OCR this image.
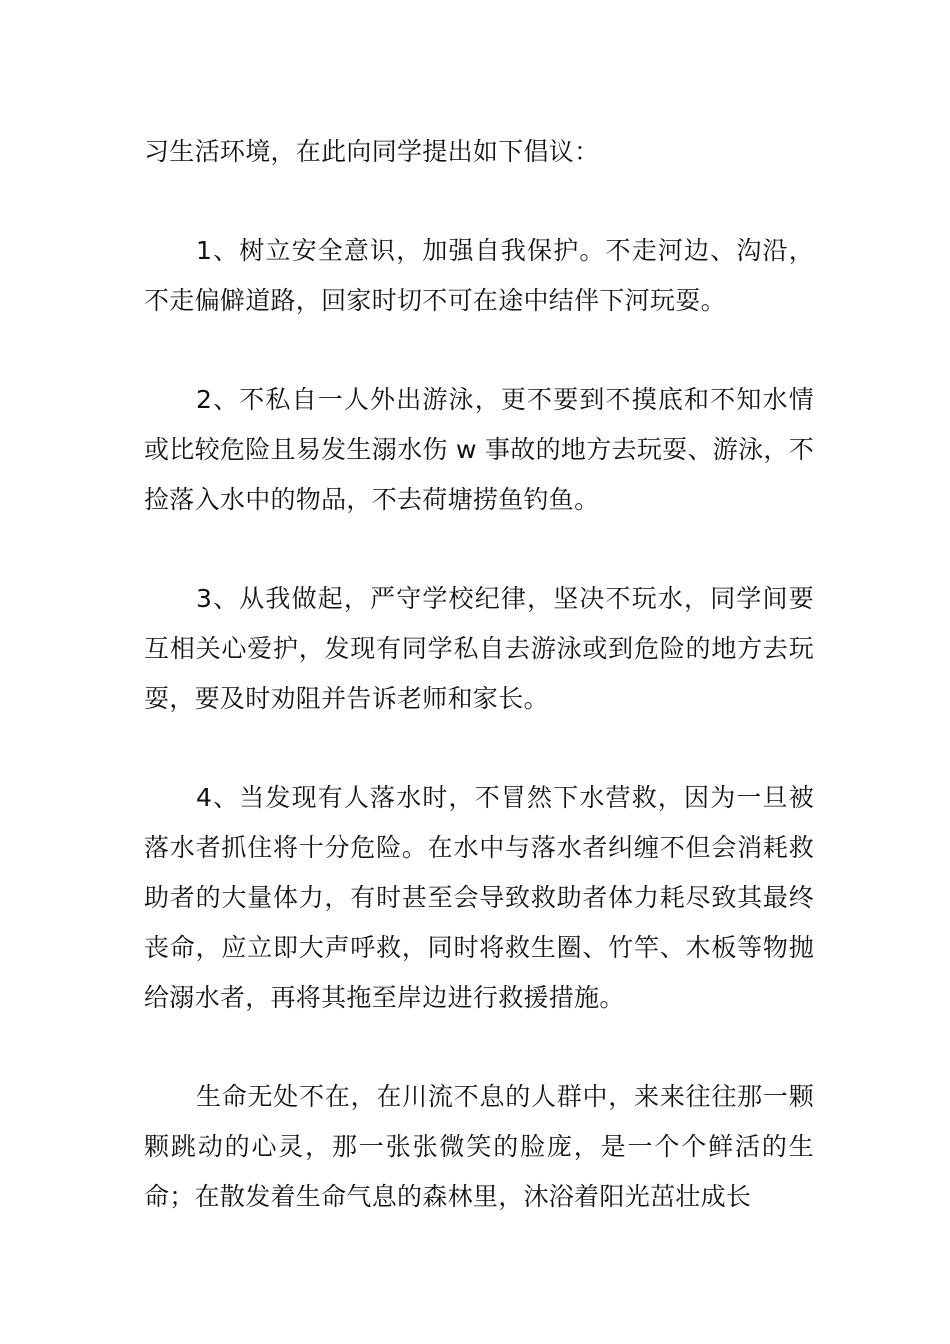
习生活环境，在此向同学提出如下倡议：

1、树立安全意识，加强自我保护。不走河边、沟沿，不走偏僻道路，回家时切不可在途中结伴下河玩耍。

2、不私自一人外出游泳，更不要到不摸底和不知水情或比较危险且易发生溺水伤 w 事故的地方去玩耍、游泳，不捡落入水中的物品，不去荷塘捞鱼钓鱼。

3、从我做起，严守学校纪律，坚决不玩水，同学间要互相关心爱护，发现有同学私自去游泳或到危险的地方去玩耍，要及时劝阻并告诉老师和家长。

4、当发现有人落水时，不冒然下水营救，因为一旦被落水者抓住将十分危险。在水中与落水者纠缠不但会消耗救助者的大量体力，有时甚至会导致救助者体力耗尽致其最终丧命，应立即大声呼救，同时将救生圈、竹竿、木板等物抛给溺水者，再将其拖至岸边进行救援措施。

生命无处不在，在川流不息的人群中，来来往往那一颗颗跳动的心灵，那一张张微笑的脸庞，是一个个鲜活的生命；在散发着生命气息的森林里，沐浴着阳光茁壮成长
